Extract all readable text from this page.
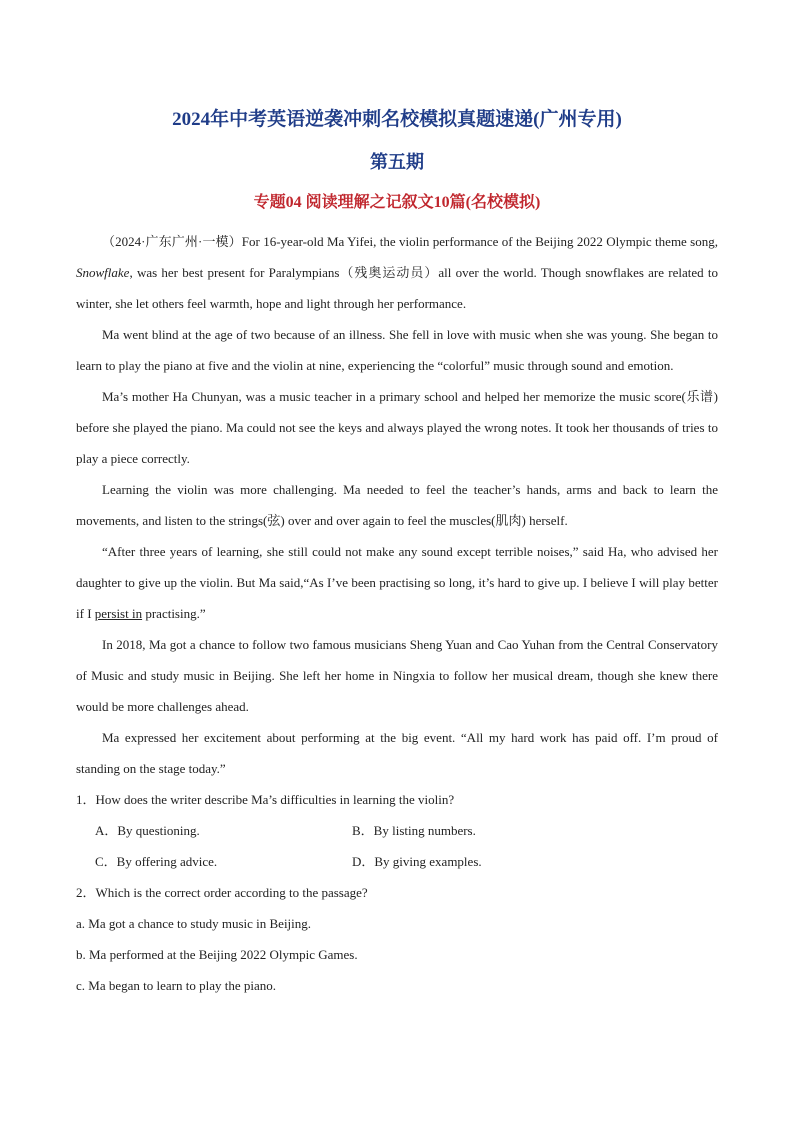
2024年中考英语逆袭冲刺名校模拟真题速递(广州专用)
第五期
专题04 阅读理解之记叙文10篇(名校模拟)

（2024·广东广州·一模）For 16-year-old Ma Yifei, the violin performance of the Beijing 2022 Olympic theme song, Snowflake, was her best present for Paralympians（残奥运动员）all over the world. Though snowflakes are related to winter, she let others feel warmth, hope and light through her performance.

Ma went blind at the age of two because of an illness. She fell in love with music when she was young. She began to learn to play the piano at five and the violin at nine, experiencing the “colorful” music through sound and emotion.

Ma’s mother Ha Chunyan, was a music teacher in a primary school and helped her memorize the music score(乐谱) before she played the piano. Ma could not see the keys and always played the wrong notes. It took her thousands of tries to play a piece correctly.

Learning the violin was more challenging. Ma needed to feel the teacher’s hands, arms and back to learn the movements, and listen to the strings(弦) over and over again to feel the muscles(肌肉) herself.

“After three years of learning, she still could not make any sound except terrible noises,” said Ha, who advised her daughter to give up the violin. But Ma said,“As I’ve been practising so long, it’s hard to give up. I believe I will play better if I persist in practising.”

In 2018, Ma got a chance to follow two famous musicians Sheng Yuan and Cao Yuhan from the Central Conservatory of Music and study music in Beijing. She left her home in Ningxia to follow her musical dream, though she knew there would be more challenges ahead.

Ma expressed her excitement about performing at the big event. “All my hard work has paid off. I’m proud of standing on the stage today.”

1．How does the writer describe Ma’s difficulties in learning the violin?
A．By questioning.	B．By listing numbers.
C．By offering advice.	D．By giving examples.
2．Which is the correct order according to the passage?
a. Ma got a chance to study music in Beijing.
b. Ma performed at the Beijing 2022 Olympic Games.
c. Ma began to learn to play the piano.
